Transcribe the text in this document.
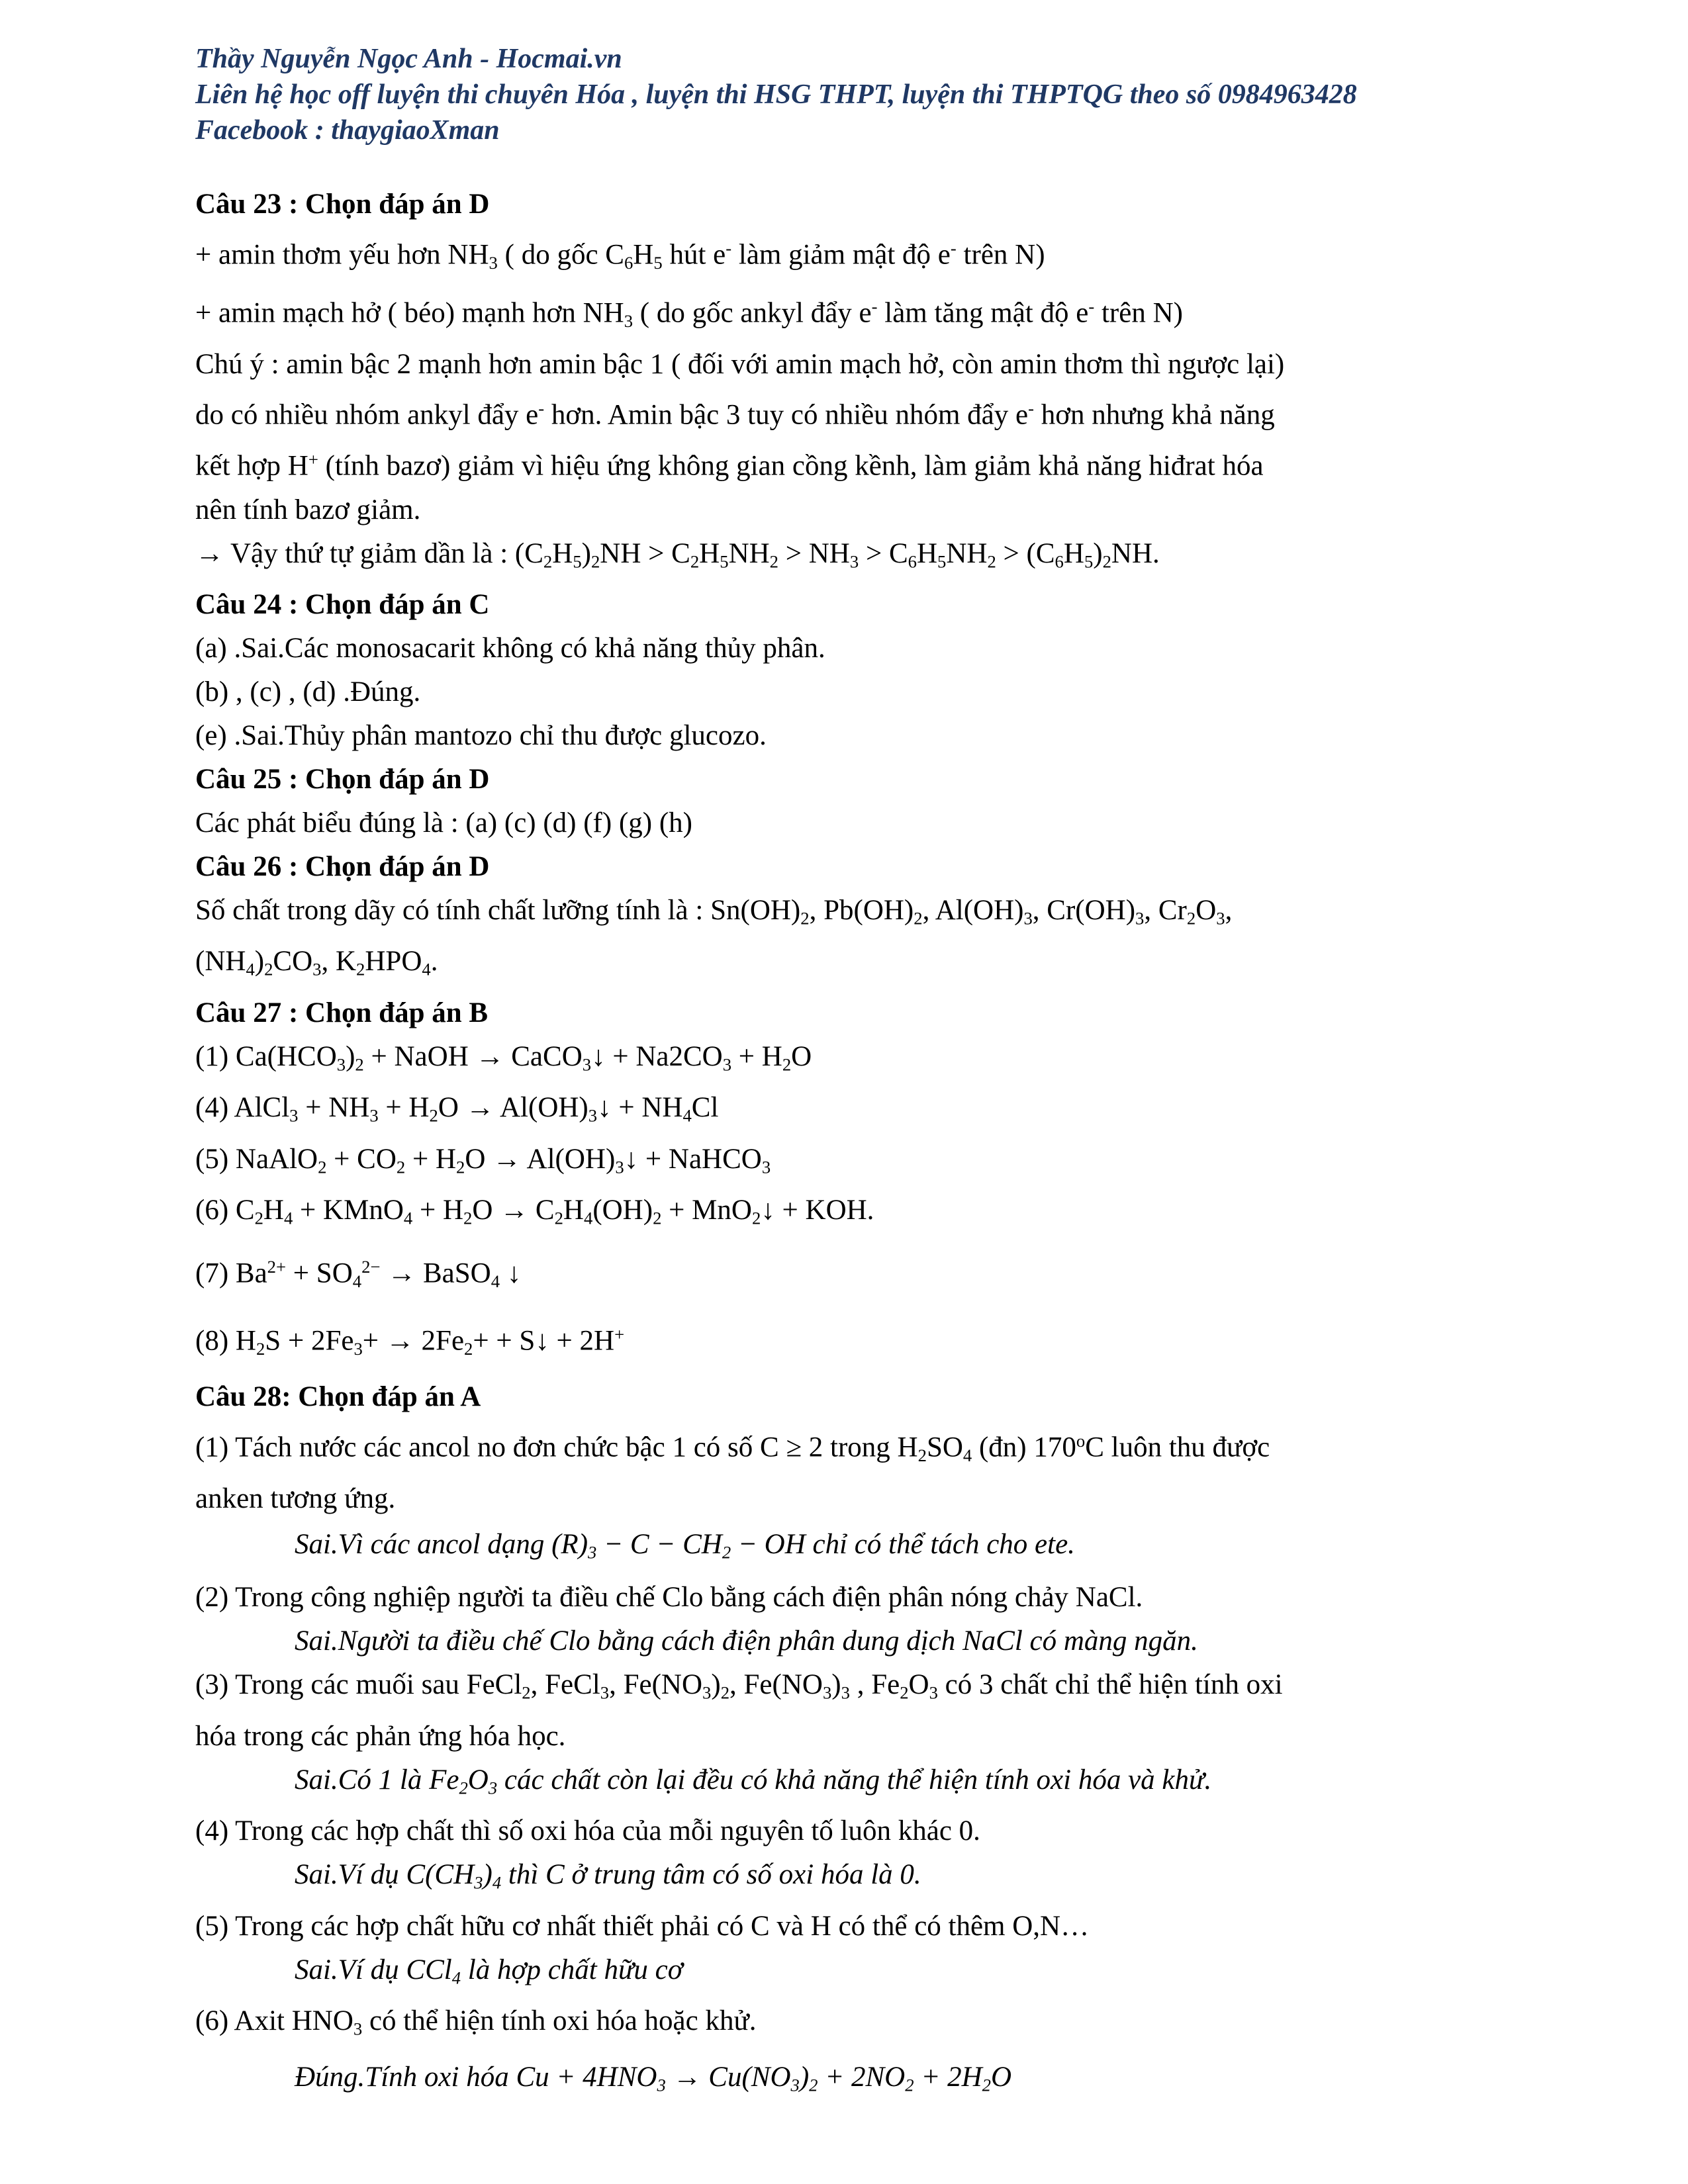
Thầy Nguyễn Ngọc Anh - Hocmai.vn
Liên hệ học off luyện thi chuyên Hóa , luyện thi HSG THPT, luyện thi THPTQG theo số 0984963428
Facebook : thaygiaoXman
Câu 23 : Chọn đáp án D
+ amin thơm yếu hơn $NH_3$ ( do gốc $C_6H_5$ hút e- làm giảm mật độ e- trên N)
+ amin mạch hở ( béo) mạnh hơn $NH_3$ ( do gốc ankyl đẩy e- làm tăng mật độ e- trên N)
Chú ý : amin bậc 2 mạnh hơn amin bậc 1 ( đối với amin mạch hở, còn amin thơm thì ngược lại)
do có nhiều nhóm ankyl đẩy e- hơn. Amin bậc 3 tuy có nhiều nhóm đẩy e- hơn nhưng khả năng
kết hợp H+ (tính bazơ) giảm vì hiệu ứng không gian cồng kềnh, làm giảm khả năng hiđrat hóa
nên tính bazơ giảm.
→ Vậy thứ tự giảm dần là : $(C_2H_5)_2NH > C_2H_5NH_2 > NH_3 > C_6H_5NH_2 > (C_6H_5)_2NH$.
Câu 24 : Chọn đáp án C
(a) .Sai.Các monosacarit không có khả năng thủy phân.
(b) , (c) , (d) .Đúng.
(e) .Sai.Thủy phân mantozo chỉ thu được glucozo.
Câu 25 : Chọn đáp án D
Các phát biểu đúng là : (a) (c) (d) (f) (g) (h)
Câu 26 : Chọn đáp án D
Số chất trong dãy có tính chất lưỡng tính là : $Sn(OH)_2$, $Pb(OH)_2$, $Al(OH)_3$, $Cr(OH)_3$, $Cr_2O_3$,
$(NH_4)_2CO_3$, $K_2HPO_4$.
Câu 27 : Chọn đáp án B
(1) $Ca(HCO_3)_2$ + NaOH → CaCO$_3$↓ + $Na2CO_3 + H_2O$
(4) AlCl$_3$ + $NH_3 + H_2O$ → $Al(OH)_3↓ + NH_4Cl$
(5) NaAlO$_2$ + $CO_2 + H_2O$ → $Al(OH)_3↓$ + NaHCO$_3$
(6) $C_2H_4$ + KMnO$_4$ + $H_2O \to C_2H_4(OH)_2$ + MnO$_2$↓ + KOH.
(7) $Ba^{2+} + SO_4^{2-}$ → BaSO$_4$ ↓
(8) $H_2S + 2Fe_3+ \to 2Fe_2+$ + S↓ + 2H+
Câu 28: Chọn đáp án A
(1) Tách nước các ancol no đơn chức bậc 1 có số C ≥ 2 trong $H_2SO_4$ (đn) 170$^o$C luôn thu được
anken tương ứng.
Sai.Vì các ancol dạng $(R)_3 - C - CH_2$ − OH chỉ có thể tách cho ete.
(2) Trong công nghiệp người ta điều chế Clo bằng cách điện phân nóng chảy NaCl.
Sai.Người ta điều chế Clo bằng cách điện phân dung dịch NaCl có màng ngăn.
(3) Trong các muối sau FeCl$_2$, FeCl$_3$, $Fe(NO_3)_2$, $Fe(NO_3)_3$ , $Fe_2O_3$ có 3 chất chỉ thể hiện tính oxi
hóa trong các phản ứng hóa học.
Sai.Có 1 là $Fe_2O_3$ các chất còn lại đều có khả năng thể hiện tính oxi hóa và khử.
(4) Trong các hợp chất thì số oxi hóa của mỗi nguyên tố luôn khác 0.
Sai.Ví dụ $C(CH_3)_4$ thì C ở trung tâm có số oxi hóa là 0.
(5) Trong các hợp chất hữu cơ nhất thiết phải có C và H có thể có thêm O,N…
Sai.Ví dụ CCl$_4$ là hợp chất hữu cơ
(6) Axit $HNO_3$ có thể hiện tính oxi hóa hoặc khử.
Đúng.Tính oxi hóa $Cu + 4HNO_3 \to Cu(NO_3)_2 + 2NO_2 + 2H_2O$
